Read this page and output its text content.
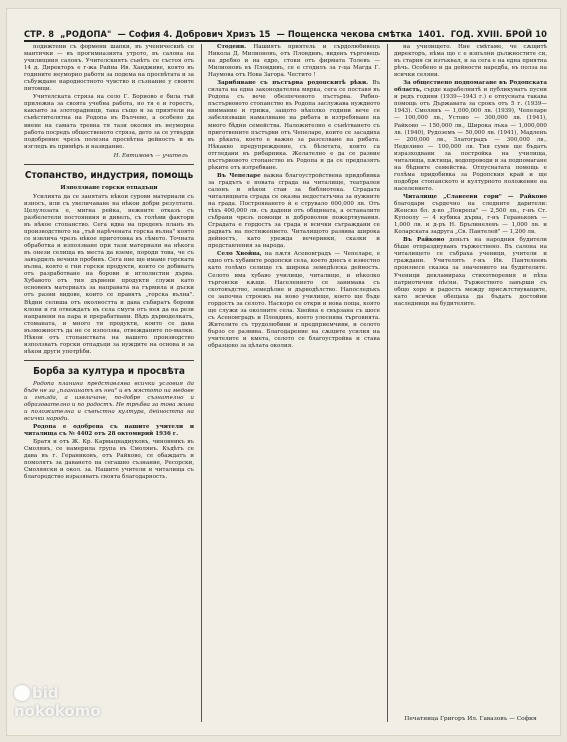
СТР. 8 „РОДОПА" — София 4. Добрович Хризъ 15 — Пощенска чекова смѣтка 1401. ГОД. XVIII. БРОЙ 10

подижтени съ формени шапки, въ ученическиѣ се мантички — въ прогимназията утрото, въ салона на училищния салонъ. Учителскиятъ съвѣтъ се състоя отъ 14 д. Директоръ е г-жа Райна Ив. Хандживе, която въ годините неуморно работи за подема на просвѣтата и за събуждане народностното чувство и съзнание у своите питомци.

Учителската стряза на село Г. Бориово е била тъй прилежна за своята учебна работа, но тя е и горестъ, какъвто за злоторадници, така също и за приятели на съвѣстителятна на Родопа въ Вълчево, а особено да виене на самата тревна тя тази околия въ неуморна работа посредъ общественото стряза, дето за се утвърди подобрение чрезъ полезна просвѣтна дейностъ и въ изгледъ въ примѣръ и назидание.

Н. Евтимовъ — учитель

Стопанство, индустрия, помощь
Използване горски отпадъци

Усилията да се занятатъ нѣкои сурови материали съ износъ, или съ увеличаване на нѣкои добри резултати. Целулозата е, мигна рейка, нежните отказъ съ разбелетели постоянния и дивелъ, съ голѣми фактори въ нѣкое стопанство. Сега идва на преденъ планъ въ производството на „тъй нарѣчената горска вълна" която се извлича чрезъ нѣкое приготовка въ сѣмето. Точната обработка и използване при тази материали на нѣкога въ онези селища въ места да вземе, породи това, че съ завърдилъ вечния пробивъ. Сега ние ще имаме горската вълна, която е гни горски продукти, които се добиватъ отъ разработване на борови и иглолистни дърва. Хубавото отъ тия дървени продукти служи като основенъ материалъ за направата на гърмила и дъски отъ разни видове, които се правятъ „горска вълна". Вѣдни селиша отъ околността и дава събиратъ борови клони и ги отвеждатъ въ села смуги отъ нея да на рези направени на пара и прерабатвани. Вѣдъ дърводелкатъ, стоманата, и много ти продукти, които се дава възможностъ да не се използва, отвежданите по-малки. Нѣкои отъ стопанствата на нашето производство използватъ горски отпадъци за нуждите на основа и за нѣкои други употрѣби.

Борба за култура и просвѣта

Родопа планина представлява всички условия да бъде не за „планинатъ въ неи" и въ мястото на медове и гнѣзда, а извличане, по-добре съзнателно и образователно и по радостъ. Не трѣбва за това жива и положителна и съвѣстна култура, дейността на всички народи.

Родопа е одобрена съ нашите учители и читалища съ № 4402 отъ 28 октомврий 1936 г.

Братя и отъ Ж. Кр. Кармацнадиуковъ, чиновникъ въ Смолянъ, се намерила група въ Смолянъ. Къдѣтъ се дава въ г. Гераниковъ, отъ Райково, се обаждатъ и помолятъ за даването на сегашно съзнание, Ресорски, Смолянски и окол. за. Нашите учители и читалища съ благородство изразяватъ своята благодарность.

Стодени. Нашиятъ приятель и сърдолюбивецъ Никола Д. Милионовъ, отъ Пловдивъ, виденъ търговецъ на дребно и на едро, стоки отъ фирмата Толевъ — Милионовъ въ Пловдивъ, се е сгодилъ за г-ца Магда Г. Наумова отъ Нова Загора. Честито !

Зарибяване съ пъстърва родопскитѣ рѣки. Въ силата на една законодателна мярка, сега се поставя въ Родопа съ вече обезпеченото пъстърва. Рибно-пъстървовото стопанство въ Родопа заслужава нуждното внимание и грижа, защото нѣколко години вече се забелязваше намаляване на рибата и изтребяване на много бѣдни семейства. Наложително е съвѣтването съ приготвените пъстърви отъ Чепеларе, които се засадиха въ рѣката, което е важно за разселване на рибата. Нѣкакво предупреждение, съ бѣлетата, които са отгледани въ рибарника. Желателно е да се развие пъстървовото стопанство въ Родопа и да се предпазятъ рѣките отъ изтребване.

Въ Чепеларе важна благоустройствена придобивка за градътъ е новата сграда на читалище, театрален салонъ и нѣкои стаи за библиотека. Сградата читалищната сграда се оказва недостатъчна за нужните на града. Построяването ѝ е струвало 600,000 лв. Отъ тѣхъ 400,000 лв. съ дадени отъ общината, а останалите събрани чрезъ помощи и доброволни пожертвувания. Сградата е гордостъ за града и всички съграждани се радватъ на постижението. Читалищото развива широка дейностъ, като урежда вечеринки, сказки и представления за народа.

Село Хвойна, на пѫтя Асеновградъ — Чепеларе, е едно отъ хубавите родопски села, което днесъ е известно като голѣмо селище съ широка земедѣлска дейностъ. Селото има хубаво училище, читалище, и нѣколко търговски кѫщи. Населението се занимава съ скотовъдство, земедѣлие и дърводѣлство. Напоследъкъ се започна строежъ на ново училище, което ще бъде гордостъ за селото. Наскоро се откри и нова поща, която ще служи за околните села. Хвойна е свързана съ шосе съ Асеновградъ и Пловдивъ, което улеснява търговията. Жителите съ трудолюбиви и предприемчиви, и селото бързо се развива. Благодарение на сѫщите усилия на учителите и кмета, селото се благоустройва и става образцово за цѣлата околия.

на училището. Ние смѣтаме, че сѫщитѣ директоръ, нѣма що с е изпълни дължностите си, въ стария си изтъквал, и за сега е на една приятна рѣчь. Особено и да дейности наредба, въ полза на всички селяни.

За обществено подпомагане въ Родопската область, сърде карабелнитѣ и публикуватъ пусни и редъ години (1939—1943 г.) е отпусната такава помощь отъ Държавата за срокъ отъ 5 г. (1939—1943). Смолянъ — 1,000,000 лв. (1939), Чепеларе — 100,000 лв., Устово — 300,000 лв. (1941), Райково — 150,000 лв., Широка лъка — 1,000,000 лв. (1940), Рудоземъ — 50,000 лв. (1941), Мадленъ — 200,000 лв., Златоградъ — 300,000 лв., Неделино — 100,000 лв. Тия суми ще бъдатъ изразходвани за постройка на училища, читалища, пѫтища, водопроводи и за подпомагане на бѣдните семейства. Отпуснатата помощь е голѣма придобивка за Родопския край и ще подобри стопанското и културното положение на населението.

Читалище „Славееви гори" — Райково благодари сърдечно на следните дарители: Женско бл. д-во „Покрепа" — 2,500 лв., г-нъ Ст. Купоолу — 4 кубика дърва, г-нъ Гераньковъ — 1,000 лв. и д-ръ Н. Брълинелевъ — 1,000 лв. и Коларската задруга „Св. Пантелей" — 1,200 лв.

Въ Райково деньтъ на народния будители бѣше отпразднуванъ тържествено. Въ салона на читалището се събраха ученици, учители и граждани. Учителятъ г-нъ Ив. Пантелеевъ произнесе сказка за значението на будителите. Ученици декламираха стихотворения и пѣха патриотични пѣсни. Тържеството завърши съ общо хоро и радостъ между присѫтствуващите, като всички обещаха да бъдатъ достойни наследници на будителите.

Печатница Григоръ Ил. Гавазовъ — София
bid
nokokomo
